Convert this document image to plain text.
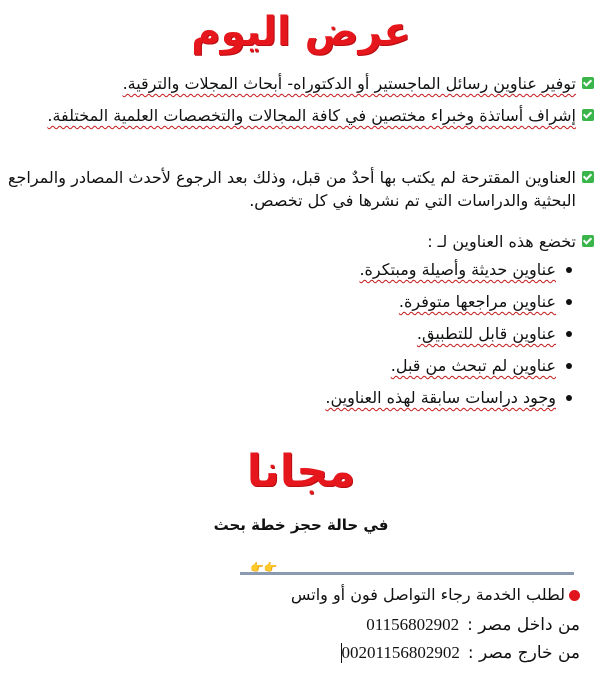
عرض اليوم
توفير عناوين رسائل الماجستير أو الدكتوراه- أبحاث المجلات والترقية.
إشراف أساتذة وخبراء مختصين في كافة المجالات والتخصصات العلمية المختلفة.
العناوين المقترحة لم يكتب بها أحدٌ من قبل، وذلك بعد الرجوع لأحدث المصادر والمراجع البحثية والدراسات التي تم نشرها في كل تخصص.
تخضع هذه العناوين لـ :
عناوين حديثة وأصيلة ومبتكرة.
عناوين مراجعها متوفرة.
عناوين قابل للتطبيق.
عناوين لم تبحث من قبل.
وجود دراسات سابقة لهذه العناوين.
مجانا
في حالة حجز خطة بحث
👉👉
لطلب الخدمة رجاء التواصل فون أو واتس
من داخل مصر :
01156802902
من خارج مصر :
00201156802902
